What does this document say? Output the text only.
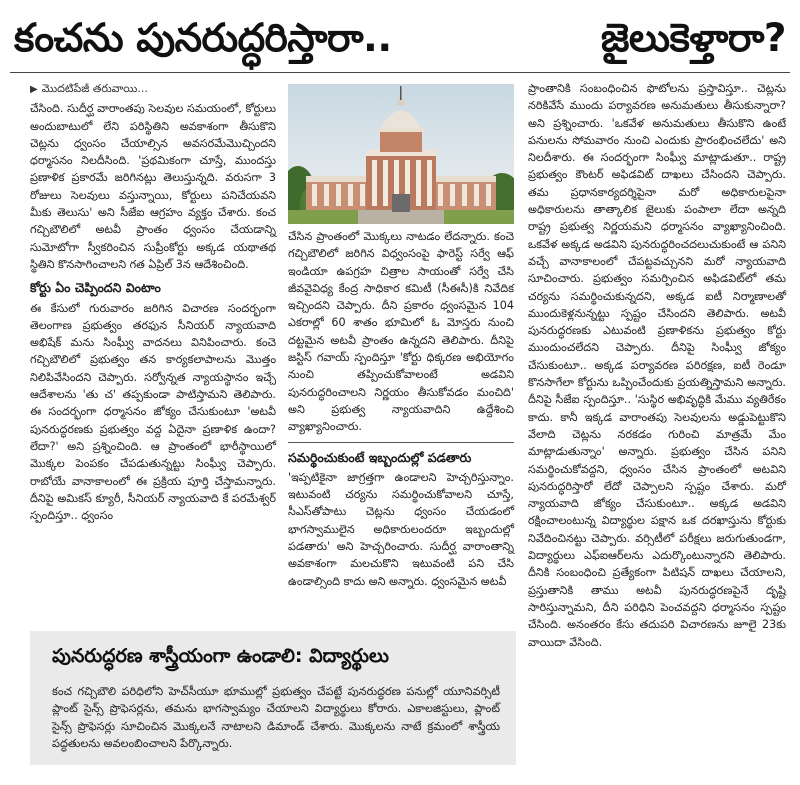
కంచను పునరుద్ధరిస్తారా..	జైలుకెళ్తారా?
▶ మొదటిపేజీ తరువాయి...

చేసింది. సుదీర్ఘ వారాంతపు సెలవుల సమయంలో, కోర్టులు అందుబాటులో లేని పరిస్థితిని అవకాశంగా తీసుకొని చెట్లను ధ్వంసం చేయాల్సిన అవసరమేమొచ్చిందని ధర్మాసనం నిలదీసింది. 'ప్రథమికంగా చూస్తే, ముందస్తు ప్రణాళిక ప్రకారమే జరిగినట్లు తెలుస్తున్నది. వరుసగా 3 రోజులు సెలవులు వస్తున్నాయి, కోర్టులు పనిచేయవని మీకు తెలుసు' అని సీజేఐ ఆగ్రహం వ్యక్తం చేశారు. కంచ గచ్చిబౌలిలో అటవీ ప్రాంతం ధ్వంసం చేయడాన్ని సుమోటోగా స్వీకరించిన సుప్రీంకోర్టు అక్కడ యథాతథ స్థితిని కొనసాగించాలని గత ఏప్రిల్ 3న ఆదేశించింది.

కోర్టు ఏం చెప్పిందని వింటాం

ఈ కేసులో గురువారం జరిగిన విచారణ సందర్భంగా తెలంగాణ ప్రభుత్వం తరఫున సీనియర్ న్యాయవాది అభిషేక్ మను సింఘ్వీ వాదనలు వినిపించారు. కంచె గచ్చిబౌలిలో ప్రభుత్వం తన కార్యకలాపాలను మొత్తం నిలిపివేసిందని చెప్పారు. సర్వోన్నత న్యాయస్థానం ఇచ్చే ఆదేశాలను 'తు చ' తప్పకుండా పాటిస్తామని తెలిపారు. ఈ సందర్భంగా ధర్మాసనం జోక్యం చేసుకుంటూ 'అటవీ పునరుద్ధరణకు ప్రభుత్వం వద్ద ఏదైనా ప్రణాళిక ఉందా? లేదా?' అని ప్రశ్నించింది. ఆ ప్రాంతంలో భారీస్థాయిలో మొక్కల పెంపకం చేపడుతున్నట్టు సింఘ్వీ చెప్పారు. రాబోయే వానాకాలంలో ఈ ప్రక్రియ పూర్తి చేస్తామన్నారు. దీనిపై అమికస్ క్యూరీ, సీనియర్ న్యాయవాది కే పరమేశ్వర్ స్పందిస్తూ.. ధ్వంసం

చేసిన ప్రాంతంలో మొక్కలు నాటడం లేదన్నారు. కంచె గచ్చిబౌలిలో జరిగిన విధ్వంసంపై ఫారెస్ట్ సర్వే ఆఫ్ ఇండియా ఉపగ్రహ చిత్రాల సాయంతో సర్వే చేసి జీవవైవిధ్య కేంద్ర సాధికార కమిటీ (సీఈసీ)కి నివేదిక ఇచ్చిందని చెప్పారు. దీని ప్రకారం ధ్వంసమైన 104 ఎకరాల్లో 60 శాతం భూమిలో ఓ మోస్తరు నుంచి దట్టమైన అటవీ ప్రాంతం ఉన్నదని తెలిపారు. దీనిపై జస్టిస్ గవాయ్ స్పందిస్తూ 'కోర్టు ధిక్కరణ అభియోగం నుంచి తప్పించుకోవాలంటే అడవిని పునరుద్ధరించాలని నిర్ణయం తీసుకోవడం మంచిది' అని ప్రభుత్వ న్యాయవాదిని ఉద్దేశించి వ్యాఖ్యానించారు.

సమర్థించుకుంటే ఇబ్బందుల్లో పడతారు

'ఇప్పటికైనా జాగ్రత్తగా ఉండాలని హెచ్చరిస్తున్నాం. ఇటువంటి చర్యను సమర్థించుకోవాలని చూస్తే, సీఎస్‌తోపాటు చెట్లను ధ్వంసం చేయడంలో భాగస్వాములైన అధికారులందరూ ఇబ్బందుల్లో పడతారు' అని హెచ్చరించారు. సుదీర్ఘ వారాంతాన్ని అవకాశంగా మలచుకొని ఇటువంటి పని చేసి ఉండాల్సింది కాదు అని అన్నారు. ధ్వంసమైన అటవీ

ప్రాంతానికి సంబంధించిన ఫొటోలను ప్రస్తావిస్తూ.. చెట్లను నరికివేసే ముందు పర్యావరణ అనుమతులు తీసుకున్నారా? అని ప్రశ్నించారు. 'ఒకవేళ అనుమతులు తీసుకొని ఉంటే పనులను సోమవారం నుంచి ఎందుకు ప్రారంభించలేదు' అని నిలదీశారు. ఈ సందర్భంగా సింఘ్వీ మాట్లాడుతూ.. రాష్ట్ర ప్రభుత్వం కౌంటర్ అఫిడవిట్ దాఖలు చేసిందని చెప్పారు. తమ ప్రధానకార్యదర్శిపైనా మరో అధికారులపైనా అధికారులను తాత్కాలిక జైలుకు పంపాలా లేదా అన్నది రాష్ట్ర ప్రభుత్వ నిర్ణయమని ధర్మాసనం వ్యాఖ్యానించింది. ఒకవేళ అక్కడ అడవిని పునరుద్ధరించదలుచుకుంటే ఆ పనిని వచ్చే వానాకాలంలో చేపట్టవచ్చునని మరో న్యాయవాది సూచించారు. ప్రభుత్వం సమర్పించిన అఫిడవిట్‌లో తమ చర్యను సమర్థించుకున్నదని, అక్కడ ఐటీ నిర్మాణాలతో ముందుకెళ్లనున్నట్టు స్పష్టం చేసిందని తెలిపారు. అటవీ పునరుద్ధరణకు ఎటువంటి ప్రణాళికను ప్రభుత్వం కోర్టు ముందుంచలేదని చెప్పారు. దీనిపై సింఘ్వీ జోక్యం చేసుకుంటూ.. అక్కడ పర్యావరణ పరిరక్షణ, ఐటీ రెండూ కొనసాగేలా కోర్టును ఒప్పించేందుకు ప్రయత్నిస్తామని అన్నారు. దీనిపై సీజేఐ స్పందిస్తూ.. 'సుస్థిర అభివృద్ధికి మేము వ్యతిరేకం కాదు. కానీ ఇక్కడ వారాంతపు సెలవులను అడ్డుపెట్టుకొని వేలాది చెట్లను నరకడం గురించి మాత్రమే మేం మాట్లాడుతున్నాం' అన్నారు. ప్రభుత్వం చేసిన పనిని సమర్థించుకోవద్దని, ధ్వంసం చేసిన ప్రాంతంలో అటవిని పునరుద్ధరిస్తారో లేదో చెప్పాలని స్పష్టం చేశారు. మరో న్యాయవాది జోక్యం చేసుకుంటూ.. అక్కడ అడవిని రక్షించాలంటున్న విద్యార్థుల పక్షాన ఒక దరఖాస్తును కోర్టుకు నివేదించినట్టు చెప్పారు. వర్సిటీలో పరీక్షలు జరుగుతుండగా, విద్యార్థులు ఎఫ్ఐఆర్‌లను ఎదుర్కొంటున్నారని తెలిపారు. దీనికి సంబంధించి ప్రత్యేకంగా పిటిషన్ దాఖలు చేయాలని, ప్రస్తుతానికి తాము అటవీ పునరుద్ధరణపైనే దృష్టి సారిస్తున్నామని, దీని పరిధిని పెంచవద్దని ధర్మాసనం స్పష్టం చేసింది. అనంతరం కేసు తదుపరి విచారణను జూలై 23కు వాయిదా వేసింది.

పునరుద్ధరణ శాస్త్రీయంగా ఉండాలి: విద్యార్థులు
కంచ గచ్చిబౌలి పరిధిలోని హెచ్‌సీయూ భూముల్లో ప్రభుత్వం చేపట్టే పునరుద్ధరణ పనుల్లో యూనివర్సిటీ ప్లాంట్ సైన్స్ ప్రొఫెసర్లను, తమను భాగస్వామ్యం చేయాలని విద్యార్థులు కోరారు. ఎకాలజిస్టులు, ప్లాంట్ సైన్స్ ప్రొఫెసర్లు సూచించిన మొక్కలనే నాటాలని డిమాండ్ చేశారు. మొక్కలను నాటే క్రమంలో శాస్త్రీయ పద్ధతులను అవలంబించాలని పేర్కొన్నారు.
